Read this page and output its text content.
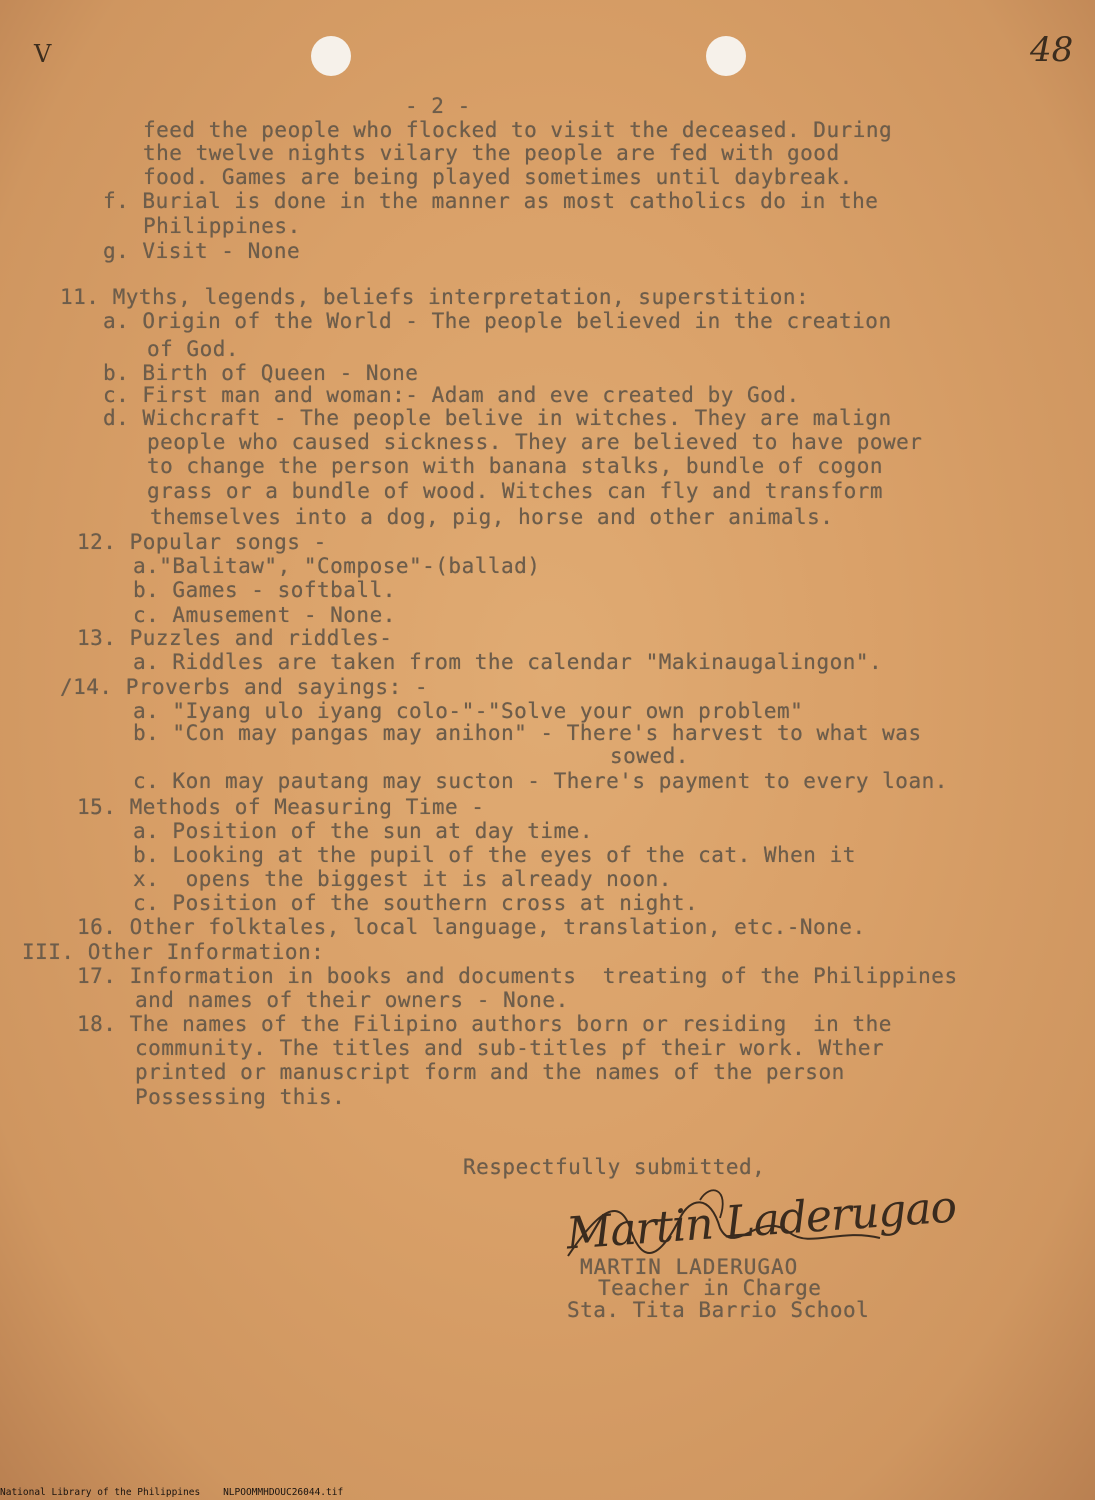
V	48
- 2 -
feed the people who flocked to visit the deceased. During
the twelve nights vilary the people are fed with good
food. Games are being played sometimes until daybreak.
f. Burial is done in the manner as most catholics do in the
Philippines.
g. Visit - None
11. Myths, legends, beliefs interpretation, superstition:
a. Origin of the World - The people believed in the creation
of God.
b. Birth of Queen - None
c. First man and woman:- Adam and eve created by God.
d. Wichcraft - The people belive in witches. They are malign
people who caused sickness. They are believed to have power
to change the person with banana stalks, bundle of cogon
grass or a bundle of wood. Witches can fly and transform
themselves into a dog, pig, horse and other animals.
12. Popular songs -
a."Balitaw", "Compose"-(ballad)
b. Games - softball.
c. Amusement - None.
13. Puzzles and riddles-
a. Riddles are taken from the calendar "Makinaugalingon".
/14. Proverbs and sayings: -
a. "Iyang ulo iyang colo-"-"Solve your own problem"
b. "Con may pangas may anihon" - There's harvest to what was
sowed.
c. Kon may pautang may sucton - There's payment to every loan.
15. Methods of Measuring Time -
a. Position of the sun at day time.
b. Looking at the pupil of the eyes of the cat. When it
x.  opens the biggest it is already noon.
c. Position of the southern cross at night.
16. Other folktales, local language, translation, etc.-None.
III. Other Information:
17. Information in books and documents  treating of the Philippines
and names of their owners - None.
18. The names of the Filipino authors born or residing  in the
community. The titles and sub-titles pf their work. Wther
printed or manuscript form and the names of the person
Possessing this.
Respectfully submitted,
Martin Laderugao
MARTIN LADERUGAO
Teacher in Charge
Sta. Tita Barrio School
National Library of the Philippines NLPOOMMHDOUC26044.tif
